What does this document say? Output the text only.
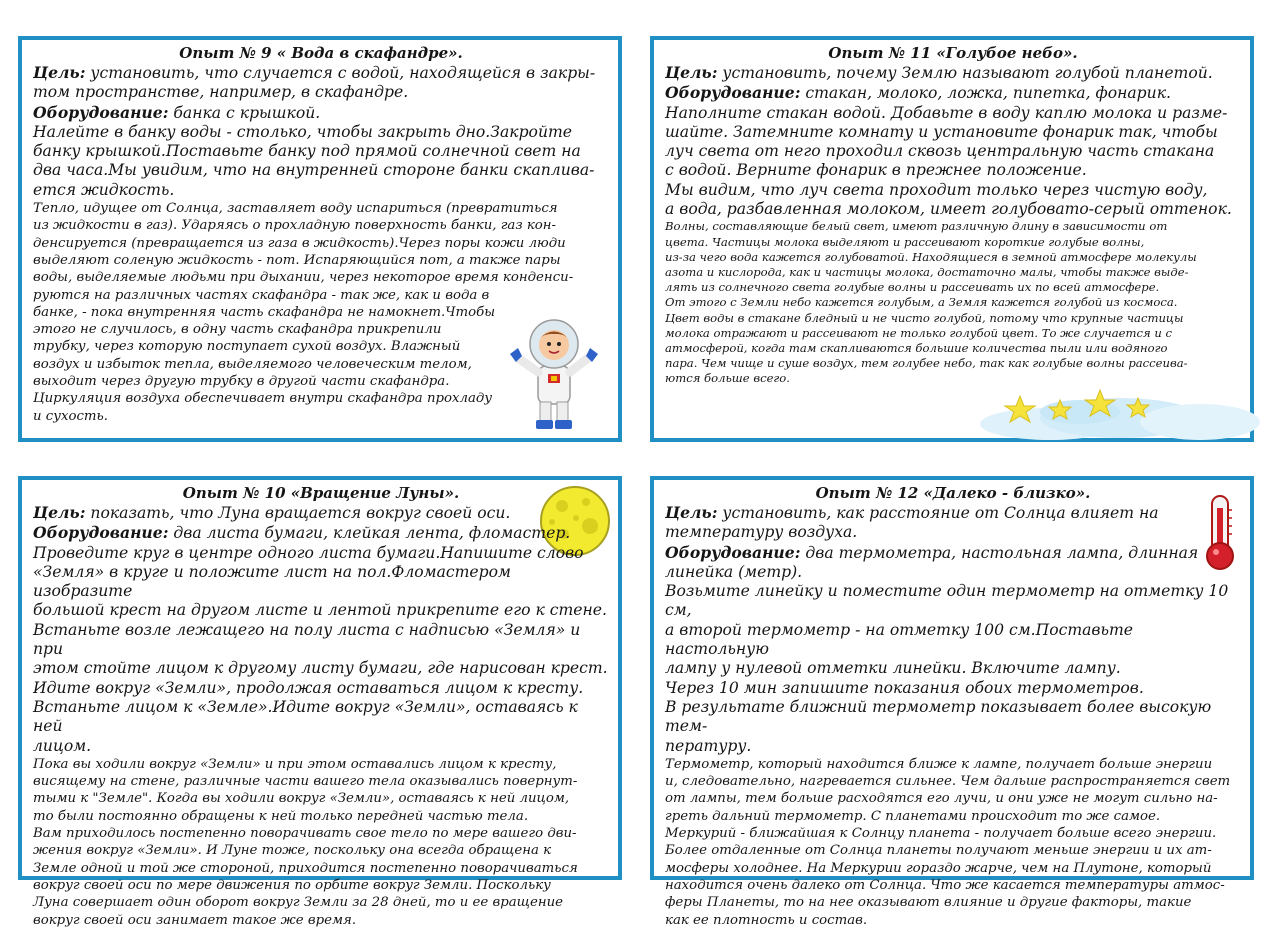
Опыт № 9 « Вода в скафандре».
Цель: установить, что случается с водой, находящейся в закры-
том пространстве, например, в скафандре.
Оборудование: банка с крышкой.
Налейте в банку воды - столько, чтобы закрыть дно.Закройте
банку крышкой.Поставьте банку под прямой солнечной свет на
два часа.Мы увидим, что на внутренней стороне банки скаплива-
ется жидкость.
Тепло, идущее от Солнца, заставляет воду испариться (превратиться
из жидкости в газ). Ударяясь о прохладную поверхность банки, газ кон-
денсируется (превращается из газа в жидкость).Через поры кожи люди
выделяют соленую жидкость - пот. Испаряющийся пот, а также пары
воды, выделяемые людьми при дыхании, через некоторое время конденси-
руются на различных частях скафандра - так же, как и вода в
банке, - пока внутренняя часть скафандра не намокнет.Чтобы
этого не случилось, в одну часть скафандра прикрепили
трубку, через которую поступает сухой воздух. Влажный
воздух и избыток тепла, выделяемого человеческим телом,
выходит через другую трубку в другой части скафандра.
Циркуляция воздуха обеспечивает внутри скафандра прохладу
и сухость.
Опыт № 11 «Голубое небо».
Цель: установить, почему Землю называют голубой планетой.
Оборудование: стакан, молоко, ложка, пипетка, фонарик.
Наполните стакан водой. Добавьте в воду каплю молока и разме-
шайте. Затемните комнату и установите фонарик так, чтобы
луч света от него проходил сквозь центральную часть стакана
с водой. Верните фонарик в прежнее положение.
Мы видим, что луч света проходит только через чистую воду,
а вода, разбавленная молоком, имеет голубовато-серый оттенок.
Волны, составляющие белый свет, имеют различную длину в зависимости от
цвета. Частицы молока выделяют и рассеивают короткие голубые волны,
из-за чего вода кажется голубоватой. Находящиеся в земной атмосфере молекулы
азота и кислорода, как и частицы молока, достаточно малы, чтобы также выде-
лять из солнечного света голубые волны и рассеивать их по всей атмосфере.
От этого с Земли небо кажется голубым, а Земля кажется голубой из космоса.
Цвет воды в стакане бледный и не чисто голубой, потому что крупные частицы
молока отражают и рассеивают не только голубой цвет. То же случается и с
атмосферой, когда там скапливаются большие количества пыли или водяного
пара. Чем чище и суше воздух, тем голубее небо, так как голубые волны рассеива-
ются больше всего.
Опыт № 10 «Вращение Луны».
Цель: показать, что Луна вращается вокруг своей оси.
Оборудование: два листа бумаги, клейкая лента, фломастер.
Проведите круг в центре одного листа бумаги.Напишите слово
«Земля» в круге и положите лист на пол.Фломастером изобразите
большой крест на другом листе и лентой прикрепите его к стене.
Встаньте возле лежащего на полу листа с надписью «Земля» и при
этом стойте лицом к другому листу бумаги, где нарисован крест.
Идите вокруг «Земли», продолжая оставаться лицом к кресту.
Встаньте лицом к «Земле».Идите вокруг «Земли», оставаясь к ней
лицом.
Пока вы ходили вокруг «Земли» и при этом оставались лицом к кресту,
висящему на стене, различные части вашего тела оказывались повернут-
тыми к "Земле". Когда вы ходили вокруг «Земли», оставаясь к ней лицом,
то были постоянно обращены к ней только передней частью тела.
Вам приходилось постепенно поворачивать свое тело по мере вашего дви-
жения вокруг «Земли». И Луне тоже, поскольку она всегда обращена к
Земле одной и той же стороной, приходится постепенно поворачиваться
вокруг своей оси по мере движения по орбите вокруг Земли. Поскольку
Луна совершает один оборот вокруг Земли за 28 дней, то и ее вращение
вокруг своей оси занимает такое же время.
Опыт № 12 «Далеко - близко».
Цель: установить, как расстояние от Солнца влияет на
температуру воздуха.
Оборудование: два термометра, настольная лампа, длинная
линейка (метр).
Возьмите линейку и поместите один термометр на отметку 10 см,
а второй термометр - на отметку 100 см.Поставьте настольную
лампу у нулевой отметки линейки. Включите лампу.
Через 10 мин запишите показания обоих термометров.
В результате ближний термометр показывает более высокую тем-
пературу.
Термометр, который находится ближе к лампе, получает больше энергии
и, следовательно, нагревается сильнее. Чем дальше распространяется свет
от лампы, тем больше расходятся его лучи, и они уже не могут сильно на-
греть дальний термометр. С планетами происходит то же самое.
Меркурий - ближайшая к Солнцу планета - получает больше всего энергии.
Более отдаленные от Солнца планеты получают меньше энергии и их ат-
мосферы холоднее. На Меркурии гораздо жарче, чем на Плутоне, который
находится очень далеко от Солнца. Что же касается температуры атмос-
феры Планеты, то на нее оказывают влияние и другие факторы, такие
как ее плотность и состав.
